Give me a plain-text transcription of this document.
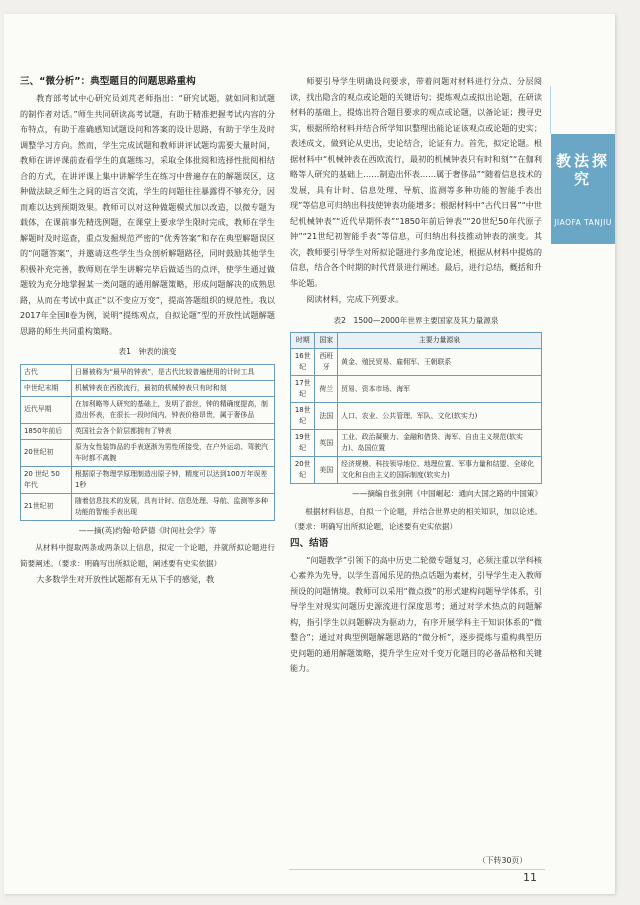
三、“微分析”：典型题目的问题思路重构

教育部考试中心研究员刘芃老师指出：“研究试题，就如同和试题的制作者对话。”师生共同研读高考试题，有助于精准把握考试内容的分布特点，有助于准确感知试题设问和答案的设计思路，有助于学生及时调整学习方向。然而，学生完成试题和教师讲评试题均需要大量时间，教师在讲评课前查看学生的真题练习，采取全体批阅和选择性批阅相结合的方式，在讲评课上集中讲解学生在练习中普遍存在的解题误区，这种做法缺乏师生之间的语言交流，学生的问题往往暴露得不够充分，因而难以达到预期效果。教师可以对这种做题模式加以改造，以微专题为载体，在课前事先精选例题，在课堂上要求学生限时完成，教师在学生解题时及时巡查，重点发掘规范严密的“优秀答案”和存在典型解题误区的“问题答案”，并邀请这些学生当众剖析解题路径，同时鼓励其他学生积极补充完善，教师则在学生讲解完毕后做适当的点评，使学生通过做题较为充分地掌握某一类问题的通用解题策略，形成问题解决的成熟思路，从而在考试中真正“以不变应万变”，提高答题组织的规范性。我以2017年全国Ⅱ卷为例，说明“提练观点，自拟论题”型的开放性试题解题思路的师生共同重构策略。

表1　钟表的演变
古代	日晷被称为“最早的钟表”，是古代比较普遍使用的计时工具
中世纪末期	机械钟表在西欧流行，最初的机械钟表只有时和刻
近代早期	在加利略等人研究的基础上，发明了游丝，钟的精确度提高，制造出怀表，在很长一段时间内，钟表价格昂贵，属于奢侈品
1850年前后	英国社会各个阶层都拥有了钟表
20世纪初	原为女性装饰品的手表逐渐为男性所接受，在户外运动、驾驶汽车时都不离腕
20 世纪 50 年代	根据原子物理学原理制造出原子钟，精度可以达到100万年误差1秒
21世纪初	随着信息技术的发展，具有计时、信息处理、导航、监测等多种功能的智能手表出现
——摘(英)约翰·哈萨德《时间社会学》等

从材料中提取两条或两条以上信息，拟定一个论题，并就所拟论题进行简要阐述。（要求：明确写出所拟论题，阐述要有史实依据）

大多数学生对开放性试题都有无从下手的感觉，教

师要引导学生明确设问要求，带着问题对材料进行分点、分层阅读，找出隐含的观点或论题的关键语句；提炼观点或拟出论题，在研读材料的基础上，提炼出符合题目要求的观点或论题，以备论证；搜寻史实，根据所给材料并结合所学知识整理出能论证该观点或论题的史实；表述成文，做到论从史出，史论结合，论证有力。首先，拟定论题。根据材料中“机械钟表在西欧流行，最初的机械钟表只有时和刻”“在伽利略等人研究的基础上……制造出怀表……属于奢侈品”“随着信息技术的发展，具有计时、信息处理、导航、监测等多种功能的智能手表出现”等信息可归纳出科技使钟表功能增多；根据材料中“古代日晷”“中世纪机械钟表”“近代早期怀表”“1850年前后钟表”“20世纪50年代原子钟”“21世纪初智能手表”等信息，可归纳出科技推动钟表的演变。其次，教师要引导学生对所拟论题进行多角度论述，根据从材料中提炼的信息，结合各个时期的时代背景进行阐述。最后，进行总结，概括和升华论题。

阅读材料，完成下列要求。

表2　1500—2000年世界主要国家及其力量源泉
时期	国家	主要力量源泉
16世纪	西班牙	黄金、殖民贸易、雇佣军、王朝联系
17世纪	荷兰	贸易、资本市场、海军
18世纪	法国	人口、农业、公共管理、军队、文化(软实力)
19世纪	英国	工业、政治凝聚力、金融和借贷、海军、自由主义规范(软实力)、岛国位置
20世纪	美国	经济规模、科技领导地位、地理位置、军事力量和结盟、全球化文化和自由主义的国际制度(软实力)
——摘编自张剑荆《中国崛起：通向大国之路的中国策》

根据材料信息，自拟一个论题，并结合世界史的相关知识，加以论述。（要求：明确写出所拟论题，论述要有史实依据）

四、结语

“问题教学”引领下的高中历史二轮微专题复习，必须注重以学科核心素养为先导，以学生喜闻乐见的热点话题为素材，引导学生走入教师预设的问题情境。教师可以采用“微点拨”的形式建构问题导学体系，引导学生对现实问题历史源流进行深度思考；通过对学术热点的问题解构，指引学生以问题解决为驱动力，有序开展学科主干知识体系的“微整合”；通过对典型例题解题思路的“微分析”，逐步提炼与重构典型历史问题的通用解题策略，提升学生应对千变万化题目的必备品格和关键能力。

教法探究
JIAOFA TANJIU
（下转30页）
11
